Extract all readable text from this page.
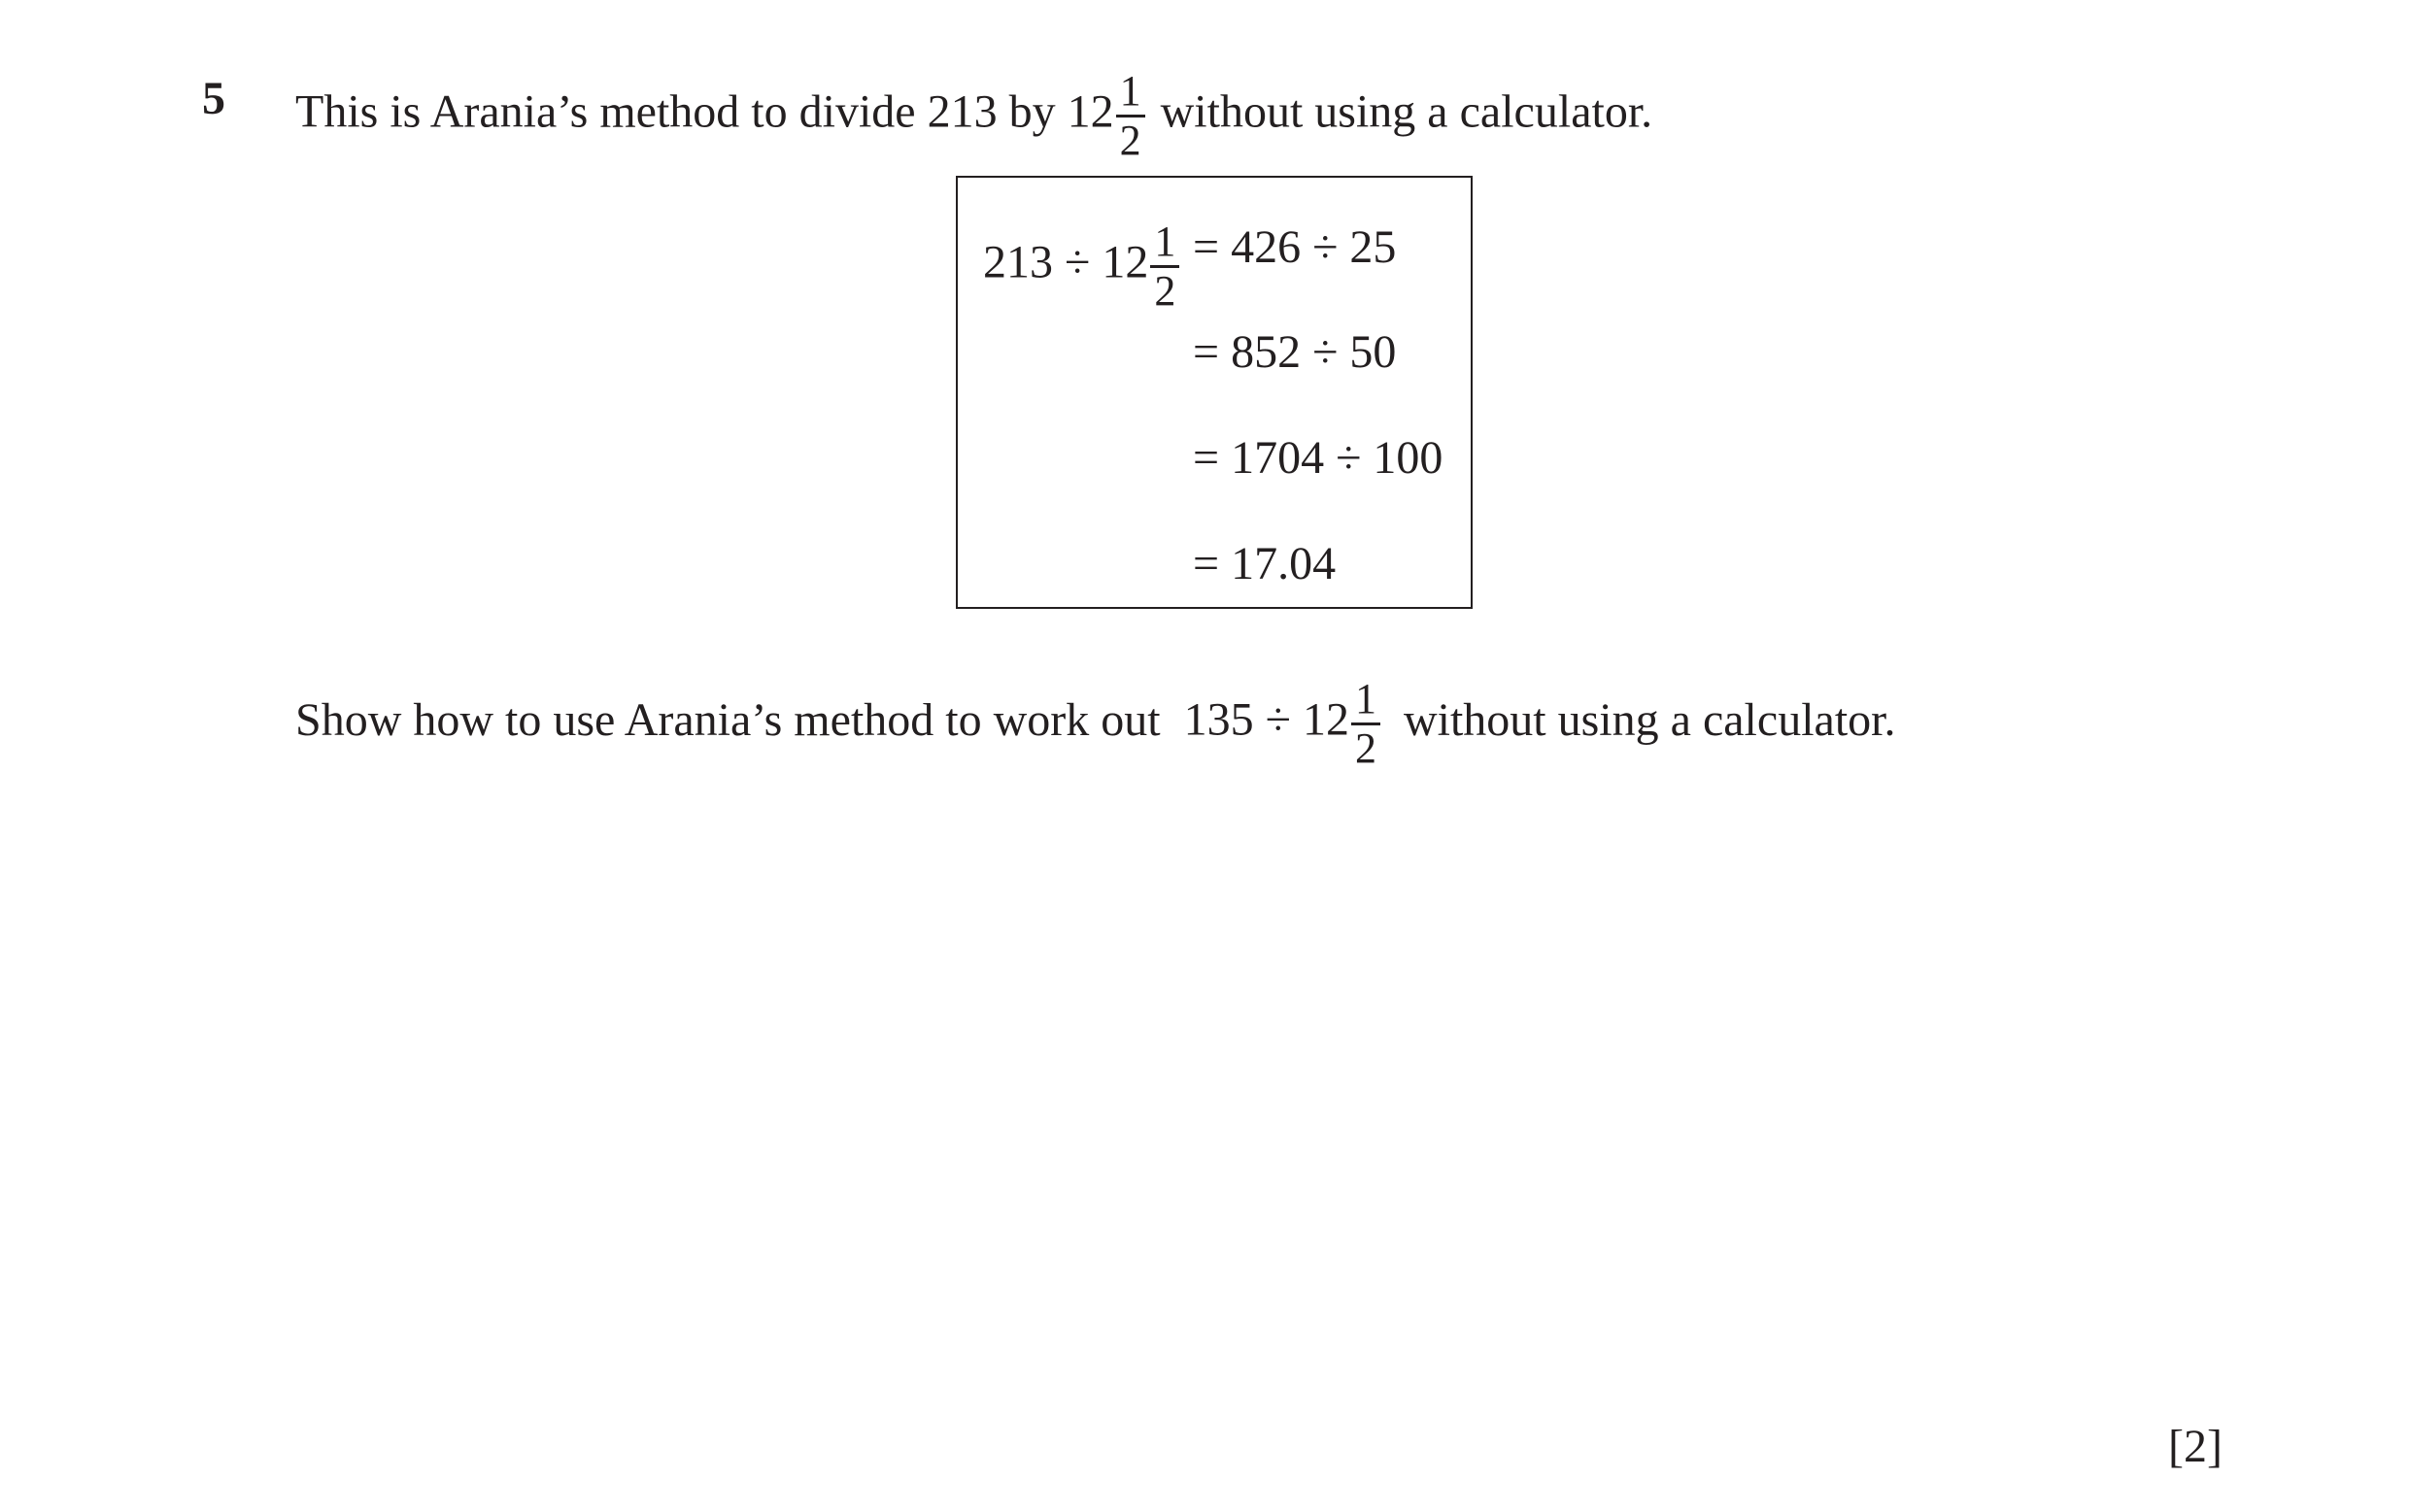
5 This is Arania’s method to divide 213 by $12 \frac{1}{2}$ without using a calculator.
$213 \div 12 \frac{1}{2} = 426 \div 25$
= 852 ÷ 50
= 1704 ÷ 100
= 17.04
Show how to use Arania’s method to work out $135 \div 12 \frac{1}{2}$ without using a calculator.
[2]
